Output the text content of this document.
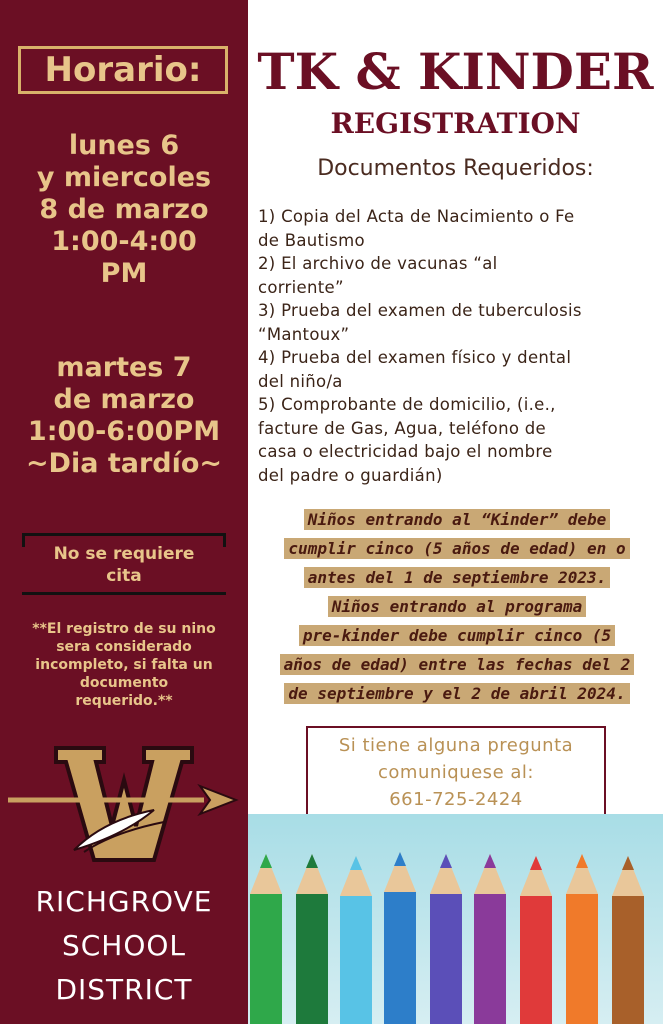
Horario:
lunes 6
y miercoles
8 de marzo
1:00-4:00
PM
martes 7
de marzo
1:00-6:00PM
~Dia tardío~
No se requiere
cita
**El registro de su nino
sera considerado
incompleto, si falta un
documento
requerido.**
RICHGROVE
SCHOOL
DISTRICT
TK & KINDER
REGISTRATION
Documentos Requeridos:
1) Copia del Acta de Nacimiento o Fe
de Bautismo
2) El archivo de vacunas “al
corriente”
3) Prueba del examen de tuberculosis
“Mantoux”
4) Prueba del examen físico y dental
del niño/a
5) Comprobante de domicilio, (i.e.,
facture de Gas, Agua, teléfono de
casa o electricidad bajo el nombre
del padre o guardián)
Niños entrando al “Kinder” debe
cumplir cinco (5 años de edad) en o
antes del 1 de septiembre 2023.
Niños entrando al programa
pre-kinder debe cumplir cinco (5
años de edad) entre las fechas del 2
de septiembre y el 2 de abril 2024.
Si tiene alguna pregunta
comuniquese al:
661-725-2424
